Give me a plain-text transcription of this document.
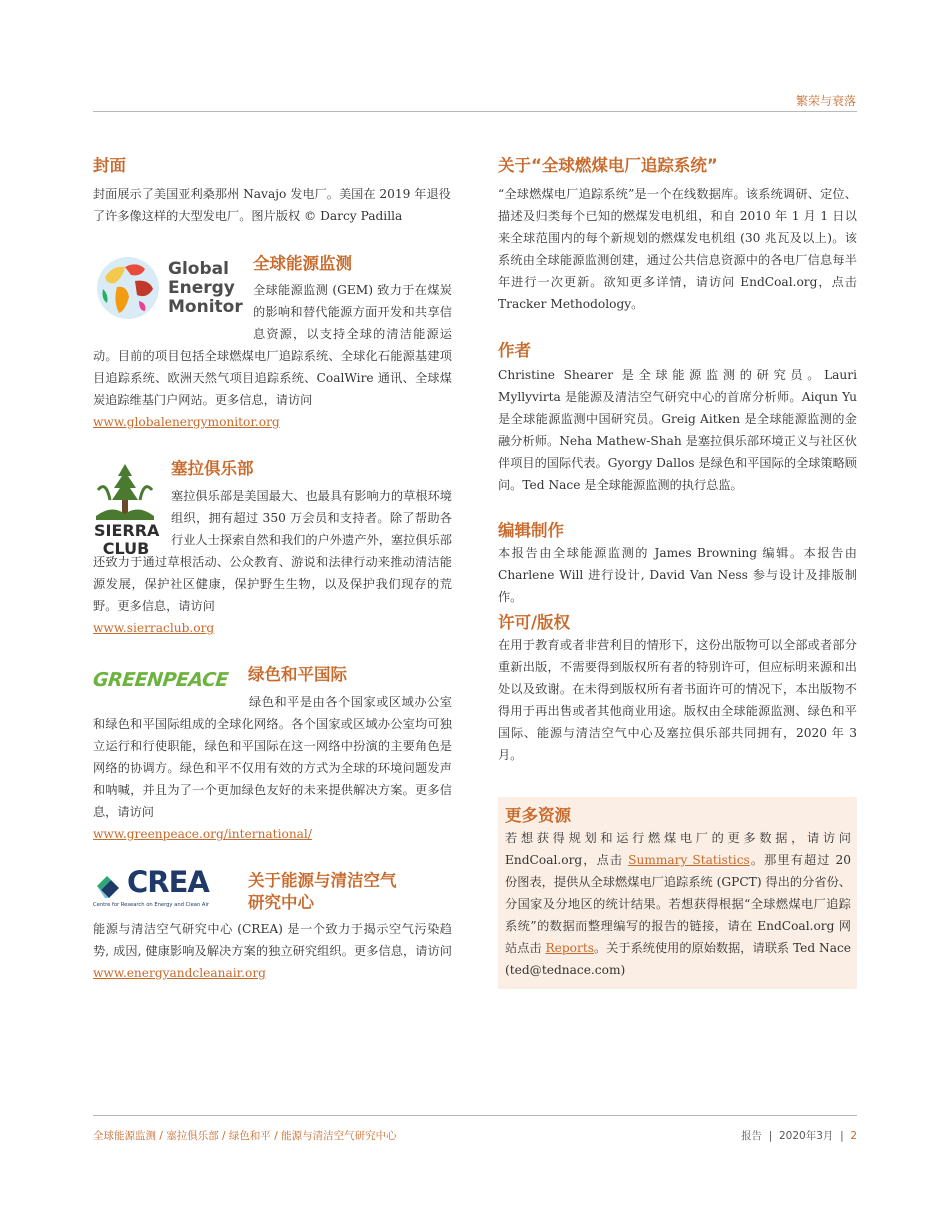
繁荣与衰落

封面

封面展示了美国亚利桑那州 Navajo 发电厂。美国在 2019 年退役了许多像这样的大型发电厂。图片版权 © Darcy Padilla

Global
Energy
Monitor

全球能源监测

全球能源监测 (GEM) 致力于在煤炭的影响和替代能源方面开发和共享信息资源，以支持全球的清洁能源运动。目前的项目包括全球燃煤电厂追踪系统、全球化石能源基建项目追踪系统、欧洲天然气项目追踪系统、CoalWire 通讯、全球煤炭追踪维基门户网站。更多信息，请访问
www.globalenergymonitor.org

SIERRA
CLUB

塞拉俱乐部

塞拉俱乐部是美国最大、也最具有影响力的草根环境组织，拥有超过 350 万会员和支持者。除了帮助各行业人士探索自然和我们的户外遗产外，塞拉俱乐部还致力于通过草根活动、公众教育、游说和法律行动来推动清洁能源发展，保护社区健康，保护野生生物，以及保护我们现存的荒野。更多信息，请访问
www.sierraclub.org

GREENPEACE	绿色和平国际

绿色和平是由各个国家或区域办公室和绿色和平国际组成的全球化网络。各个国家或区域办公室均可独立运行和行使职能，绿色和平国际在这一网络中扮演的主要角色是网络的协调方。绿色和平不仅用有效的方式为全球的环境问题发声和呐喊，并且为了一个更加绿色友好的未来提供解决方案。更多信息，请访问
www.greenpeace.org/international/

CREA
Centre for Research on Energy and Clean Air

关于能源与清洁空气

研究中心

能源与清洁空气研究中心 (CREA) 是一个致力于揭示空气污染趋势, 成因, 健康影响及解决方案的独立研究组织。更多信息，请访问 www.energyandcleanair.org

关于“全球燃煤电厂追踪系统”

“全球燃煤电厂追踪系统”是一个在线数据库。该系统调研、定位、描述及归类每个已知的燃煤发电机组，和自 2010 年 1 月 1 日以来全球范围内的每个新规划的燃煤发电机组 (30 兆瓦及以上)。该系统由全球能源监测创建，通过公共信息资源中的各电厂信息每半年进行一次更新。欲知更多详情，请访问 EndCoal.org，点击 Tracker Methodology。

作者

Christine Shearer 是全球能源监测的研究员。Lauri Myllyvirta 是能源及清洁空气研究中心的首席分析师。Aiqun Yu 是全球能源监测中国研究员。Greig Aitken 是全球能源监测的金融分析师。Neha Mathew-Shah 是塞拉俱乐部环境正义与社区伙伴项目的国际代表。Gyorgy Dallos 是绿色和平国际的全球策略顾问。Ted Nace 是全球能源监测的执行总监。

编辑制作

本报告由全球能源监测的 James Browning 编辑。本报告由 Charlene Will 进行设计, David Van Ness 参与设计及排版制作。

许可/版权

在用于教育或者非营利目的情形下，这份出版物可以全部或者部分重新出版，不需要得到版权所有者的特别许可，但应标明来源和出处以及致谢。在未得到版权所有者书面许可的情况下，本出版物不得用于再出售或者其他商业用途。版权由全球能源监测、绿色和平国际、能源与清洁空气中心及塞拉俱乐部共同拥有，2020 年 3 月。

更多资源

若想获得规划和运行燃煤电厂的更多数据，请访问 EndCoal.org，点击 Summary Statistics。那里有超过 20 份图表，提供从全球燃煤电厂追踪系统 (GPCT) 得出的分省份、分国家及分地区的统计结果。若想获得根据“全球燃煤电厂追踪系统”的数据而整理编写的报告的链接，请在 EndCoal.org 网站点击 Reports。关于系统使用的原始数据，请联系 Ted Nace (ted@tednace.com)

全球能源监测 / 塞拉俱乐部 / 绿色和平 / 能源与清洁空气研究中心	报告 | 2020年3月 | 2
